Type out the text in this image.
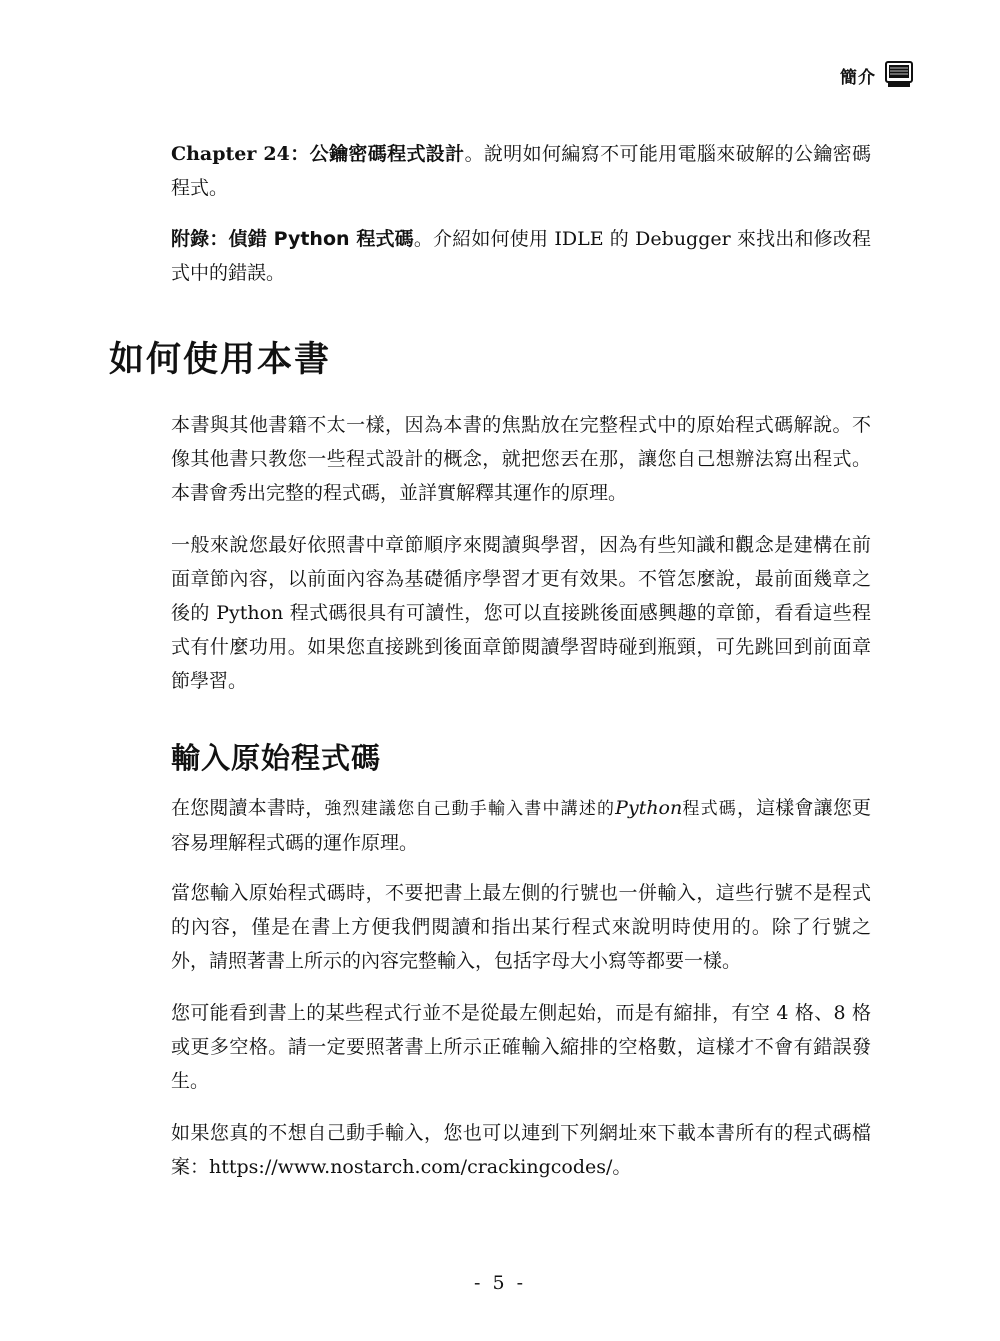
簡介
Chapter 24：公鑰密碼程式設計。說明如何編寫不可能用電腦來破解的公鑰密碼程式。
附錄：偵錯 Python 程式碼。介紹如何使用 IDLE 的 Debugger 來找出和修改程式中的錯誤。
如何使用本書
本書與其他書籍不太一樣，因為本書的焦點放在完整程式中的原始程式碼解說。不像其他書只教您一些程式設計的概念，就把您丟在那，讓您自己想辦法寫出程式。本書會秀出完整的程式碼，並詳實解釋其運作的原理。
一般來說您最好依照書中章節順序來閱讀與學習，因為有些知識和觀念是建構在前面章節內容，以前面內容為基礎循序學習才更有效果。不管怎麼說，最前面幾章之後的 Python 程式碼很具有可讀性，您可以直接跳後面感興趣的章節，看看這些程式有什麼功用。如果您直接跳到後面章節閱讀學習時碰到瓶頸，可先跳回到前面章節學習。
輸入原始程式碼
在您閱讀本書時，強烈建議您自己動手輸入書中講述的Python程式碼，這樣會讓您更容易理解程式碼的運作原理。
當您輸入原始程式碼時，不要把書上最左側的行號也一併輸入，這些行號不是程式的內容，僅是在書上方便我們閱讀和指出某行程式來說明時使用的。除了行號之外，請照著書上所示的內容完整輸入，包括字母大小寫等都要一樣。
您可能看到書上的某些程式行並不是從最左側起始，而是有縮排，有空 4 格、8 格或更多空格。請一定要照著書上所示正確輸入縮排的空格數，這樣才不會有錯誤發生。
如果您真的不想自己動手輸入，您也可以連到下列網址來下載本書所有的程式碼檔案：https://www.nostarch.com/crackingcodes/。
- 5 -
